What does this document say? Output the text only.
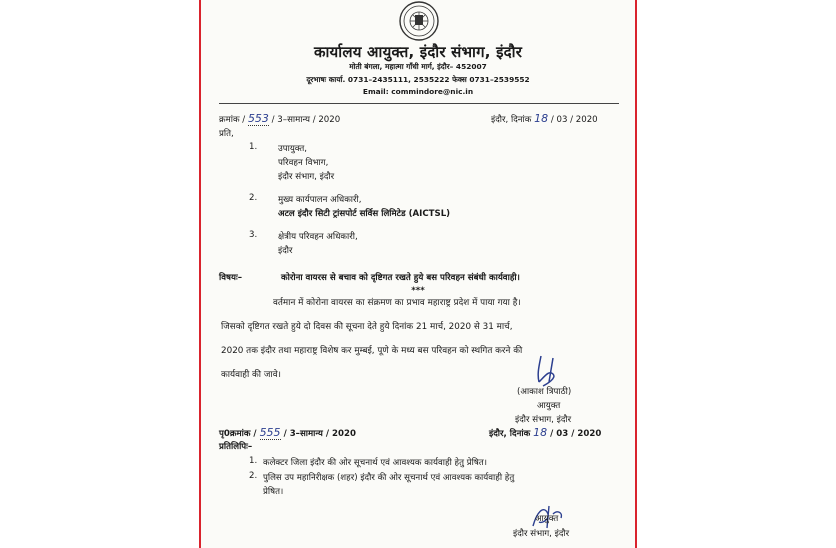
कार्यालय आयुक्त, इंदौर संभाग, इंदौर
मोती बंगला, महात्मा गाँधी मार्ग, इंदौर– 452007
दूरभाषः कार्या. 0731–2435111, 2535222 फेक्स 0731–2539552
Email: commindore@nic.in
क्रमांक / 553 / 3–सामान्य / 2020	इंदौर, दिनांक 18 / 03 / 2020
प्रति,
1. उपायुक्त,
परिवहन विभाग,
इंदौर संभाग, इंदौर
2. मुख्य कार्यपालन अधिकारी,
अटल इंदौर सिटी ट्रांसपोर्ट सर्विस लिमिटेड (AICTSL)
3. क्षेत्रीय परिवहन अधिकारी,
इंदौर
विषयः–	कोरोना वायरस से बचाव को दृष्टिगत रखते हुये बस परिवहन संबंधी कार्यवाही।
***
वर्तमान में कोरोना वायरस का संक्रमण का प्रभाव महाराष्ट्र प्रदेश में पाया गया है।
जिसको दृष्टिगत रखते हुये दो दिवस की सूचना देते हुये दिनांक 21 मार्च, 2020 से 31 मार्च,
2020 तक इंदौर तथा महाराष्ट्र विशेष कर मुम्बई, पूणे के मध्य बस परिवहन को स्थगित करने की
कार्यवाही की जावे।
(आकाश त्रिपाठी)
आयुक्त
इंदौर संभाग, इंदौर
पृ0क्रमांक / 555 / 3–सामान्य / 2020	इंदौर, दिनांक 18 / 03 / 2020
प्रतिलिपिः–
1. कलेक्टर जिला इंदौर की ओर सूचनार्थ एवं आवश्यक कार्यवाही हेतु प्रेषित।
2. पुलिस उप महानिरीक्षक (शहर) इंदौर की ओर सूचनार्थ एवं आवश्यक कार्यवाही हेतु
प्रेषित।
आयुक्त
इंदौर संभाग, इंदौर
